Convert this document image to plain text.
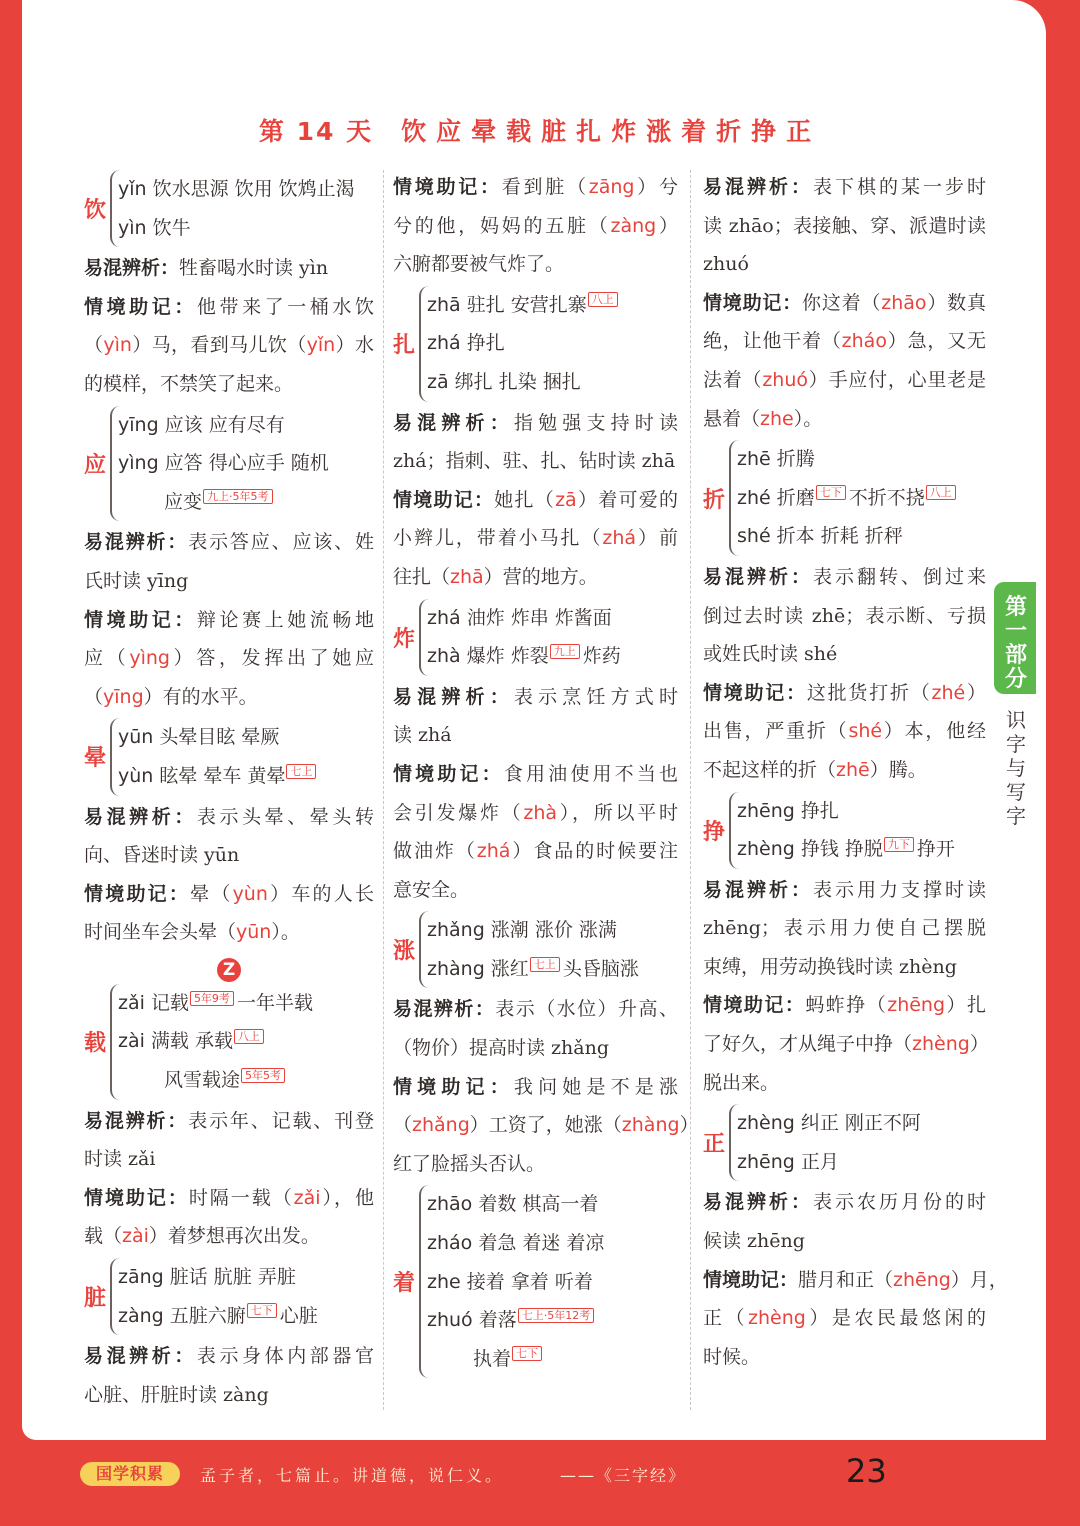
第一部分
识字与写字
第 14 天 饮应晕载脏扎炸涨着折挣正
饮
yǐn 饮水思源 饮用 饮鸩止渴
yìn 饮牛
易混辨析：牲畜喝水时读 yìn
情境助记：他带来了一桶水饮
（yìn）马，看到马儿饮（yǐn）水
的模样，不禁笑了起来。
应
yīng 应该 应有尽有
yìng 应答 得心应手 随机
应变 九上·5年5考
易混辨析：表示答应、应该、姓
氏时读 yīng
情境助记：辩论赛上她流畅地
应（yìng）答，发挥出了她应
（yīng）有的水平。
晕
yūn 头晕目眩 晕厥
yùn 眩晕 晕车 黄晕 七上
易混辨析：表示头晕、晕头转
向、昏迷时读 yūn
情境助记：晕（yùn）车的人长
时间坐车会头晕（yūn）。
Z
载
zǎi 记载 5年9考 一年半载
zài 满载 承载 八上
风雪载途 5年5考
易混辨析：表示年、记载、刊登
时读 zǎi
情境助记：时隔一载（zǎi），他
载（zài）着梦想再次出发。
脏
zāng 脏话 肮脏 弄脏
zàng 五脏六腑 七下 心脏
易混辨析：表示身体内部器官
心脏、肝脏时读 zàng
情境助记：看到脏（zāng）兮
兮的他，妈妈的五脏（zàng）
六腑都要被气炸了。
扎
zhā 驻扎 安营扎寨 八上
zhá 挣扎
zā 绑扎 扎染 捆扎
易混辨析：指勉强支持时读
zhá；指刺、驻、扎、钻时读 zhā
情境助记：她扎（zā）着可爱的
小辫儿，带着小马扎（zhá）前
往扎（zhā）营的地方。
炸
zhá 油炸 炸串 炸酱面
zhà 爆炸 炸裂 九上 炸药
易混辨析：表示烹饪方式时
读 zhá
情境助记：食用油使用不当也
会引发爆炸（zhà），所以平时
做油炸（zhá）食品的时候要注
意安全。
涨
zhǎng 涨潮 涨价 涨满
zhàng 涨红 七上 头昏脑涨
易混辨析：表示（水位）升高、
（物价）提高时读 zhǎng
情境助记：我问她是不是涨
（zhǎng）工资了，她涨（zhàng）
红了脸摇头否认。
着
zhāo 着数 棋高一着
zháo 着急 着迷 着凉
zhe 接着 拿着 听着
zhuó 着落 七上·5年12考
执着 七下
易混辨析：表下棋的某一步时
读 zhāo；表接触、穿、派遣时读
zhuó
情境助记：你这着（zhāo）数真
绝，让他干着（zháo）急，又无
法着（zhuó）手应付，心里老是
悬着（zhe）。
折
zhē 折腾
zhé 折磨 七下 不折不挠 八上
shé 折本 折耗 折秤
易混辨析：表示翻转、倒过来
倒过去时读 zhē；表示断、亏损
或姓氏时读 shé
情境助记：这批货打折（zhé）
出售，严重折（shé）本，他经
不起这样的折（zhē）腾。
挣
zhēng 挣扎
zhèng 挣钱 挣脱 九下 挣开
易混辨析：表示用力支撑时读
zhēng；表示用力使自己摆脱
束缚，用劳动换钱时读 zhèng
情境助记：蚂蚱挣（zhēng）扎
了好久，才从绳子中挣（zhèng）
脱出来。
正
zhèng 纠正 刚正不阿
zhēng 正月
易混辨析：表示农历月份的时
候读 zhēng
情境助记：腊月和正（zhēng）月，
正（zhèng）是农民最悠闲的
时候。
国学积累	孟子者，七篇止。讲道德，说仁义。	——《三字经》	23
